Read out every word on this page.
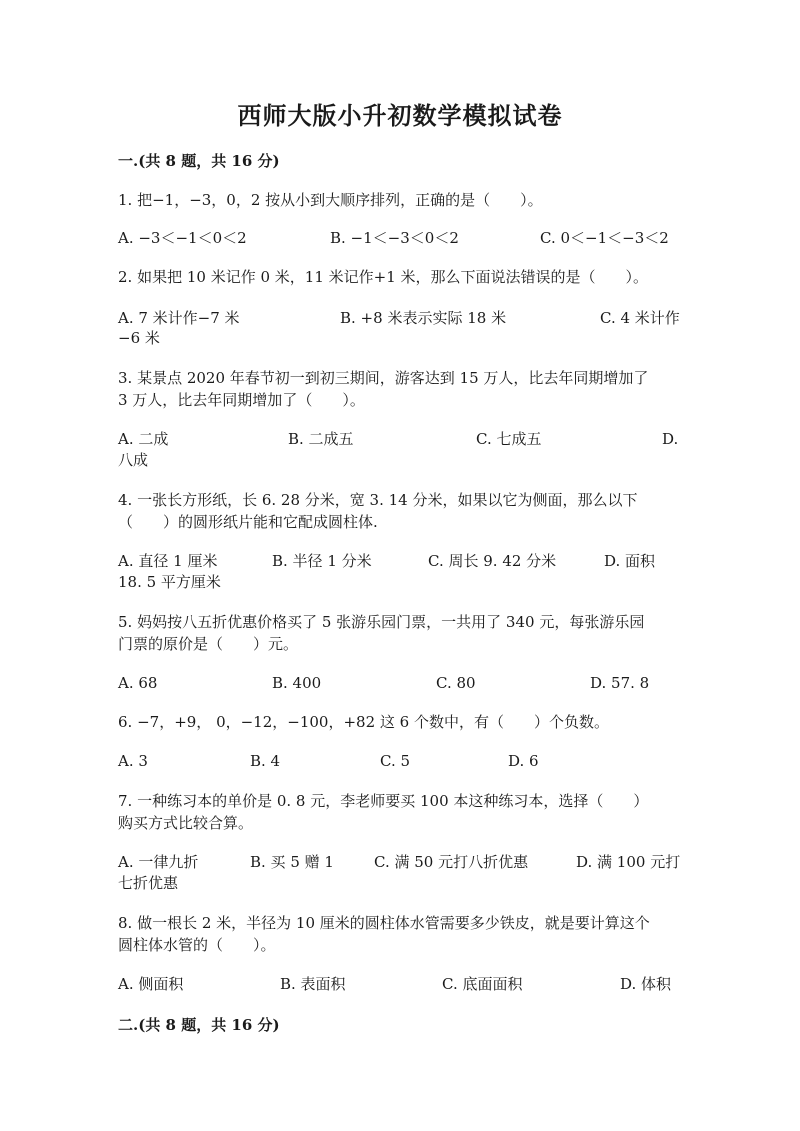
西师大版小升初数学模拟试卷
一.(共 8 题，共 16 分)
1. 把−1，−3，0，2 按从小到大顺序排列，正确的是（　　）。
A. −3＜−1＜0＜2	B. −1＜−3＜0＜2	C. 0＜−1＜−3＜2
2. 如果把 10 米记作 0 米，11 米记作+1 米，那么下面说法错误的是（　　）。
A. 7 米计作−7 米	B. +8 米表示实际 18 米	C. 4 米计作
−6 米
3. 某景点 2020 年春节初一到初三期间，游客达到 15 万人，比去年同期增加了
3 万人，比去年同期增加了（　　）。
A. 二成	B. 二成五	C. 七成五	D.
八成
4. 一张长方形纸，长 6. 28 分米，宽 3. 14 分米，如果以它为侧面，那么以下
（　　）的圆形纸片能和它配成圆柱体.
A. 直径 1 厘米	B. 半径 1 分米	C. 周长 9. 42 分米	D. 面积
18. 5 平方厘米
5. 妈妈按八五折优惠价格买了 5 张游乐园门票，一共用了 340 元，每张游乐园
门票的原价是（　　）元。
A. 68	B. 400	C. 80	D. 57. 8
6. −7，+9， 0，−12，−100，+82 这 6 个数中，有（　　）个负数。
A. 3	B. 4	C. 5	D. 6
7. 一种练习本的单价是 0. 8 元，李老师要买 100 本这种练习本，选择（　　）
购买方式比较合算。
A. 一律九折	B. 买 5 赠 1	C. 满 50 元打八折优惠	D. 满 100 元打
七折优惠
8. 做一根长 2 米，半径为 10 厘米的圆柱体水管需要多少铁皮，就是要计算这个
圆柱体水管的（　　）。
A. 侧面积	B. 表面积	C. 底面面积	D. 体积
二.(共 8 题，共 16 分)
